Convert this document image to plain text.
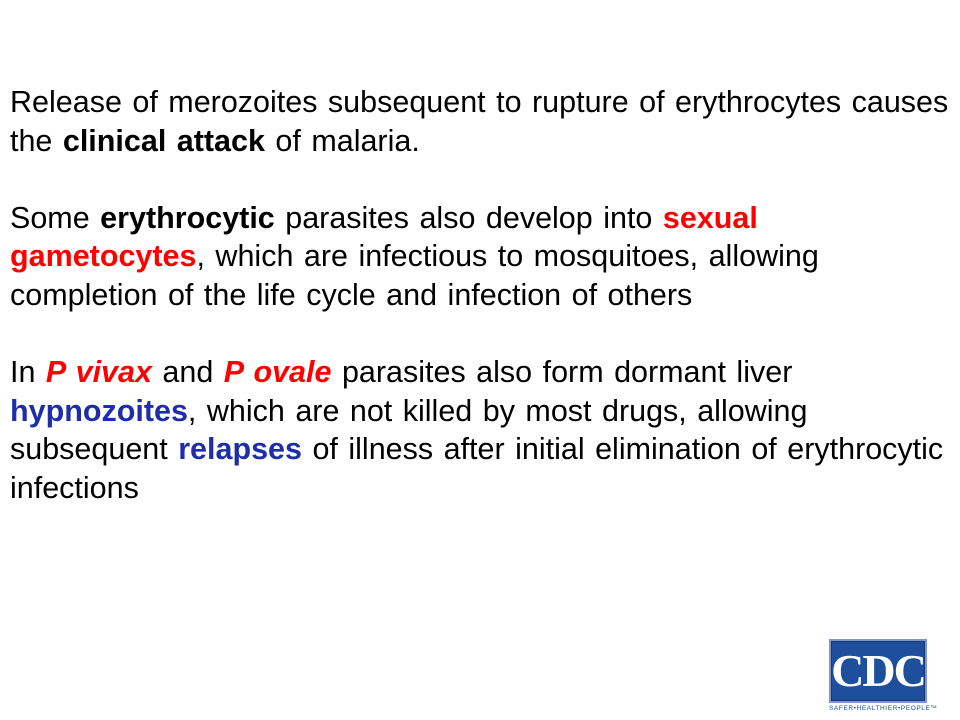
Release of merozoites subsequent to rupture of erythrocytes causes the clinical attack of malaria.

Some erythrocytic parasites also develop into sexual gametocytes, which are infectious to mosquitoes, allowing completion of the life cycle and infection of others

In P vivax and P ovale parasites also form dormant liver hypnozoites, which are not killed by most drugs, allowing subsequent relapses of illness after initial elimination of erythrocytic infections

CDC
SAFER•HEALTHIER•PEOPLE™
